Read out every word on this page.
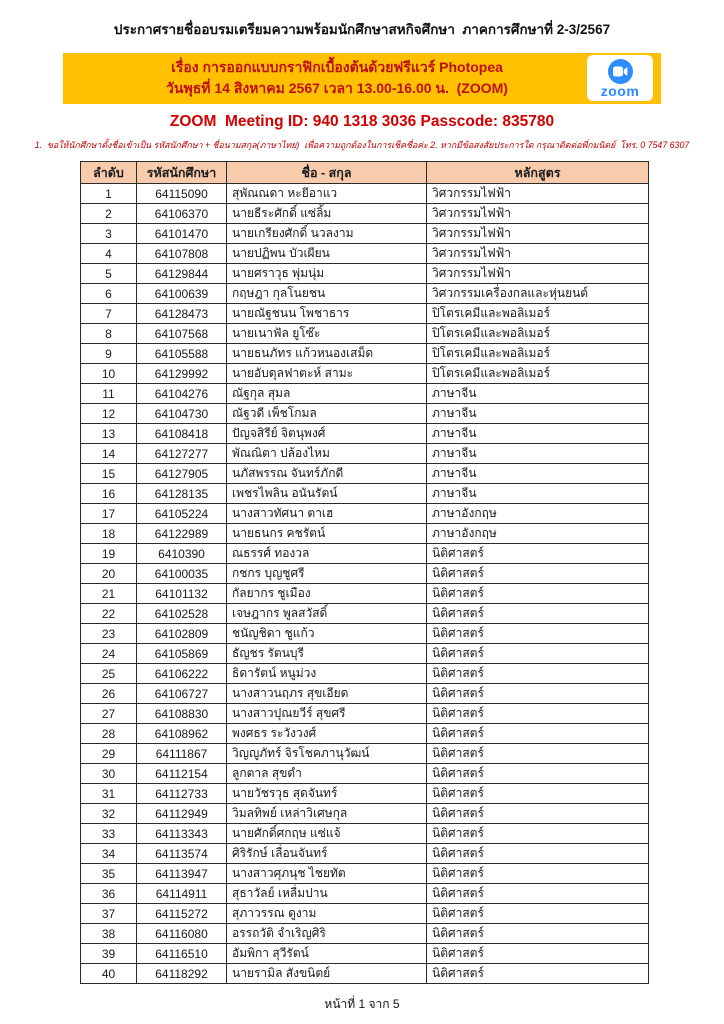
ประกาศรายชื่ออบรมเตรียมความพร้อมนักศึกษาสหกิจศึกษา  ภาคการศึกษาที่ 2-3/2567
เรื่อง การออกแบบกราฟิกเบื้องต้นด้วยฟรีแวร์ Photopea
วันพุธที่ 14 สิงหาคม 2567 เวลา 13.00-16.00 น.  (ZOOM)	zoom
ZOOM  Meeting ID: 940 1318 3036 Passcode: 835780
1.  ขอให้นักศึกษาตั้งชื่อเข้าเป็น รหัสนักศึกษา + ชื่อนามสกุล(ภาษาไทย)  เพื่อความถูกต้องในการเช็คชื่อค่ะ 2. หากมีข้อสงสัยประการใด กรุณาติดต่อพี่กมนิตย์  โทร. 0 7547 6307
ลำดับ	รหัสนักศึกษา	ชื่อ - สกุล	หลักสูตร
1	64115090	สุพัณณดา หะยีอาแว	วิศวกรรมไฟฟ้า
2	64106370	นายธีระศักดิ์ แซ่ลิ้ม	วิศวกรรมไฟฟ้า
3	64101470	นายเกรียงศักดิ์ นวลงาม	วิศวกรรมไฟฟ้า
4	64107808	นายปฏิพน บัวเผียน	วิศวกรรมไฟฟ้า
5	64129844	นายศราวุธ พุ่มนุ่ม	วิศวกรรมไฟฟ้า
6	64100639	กฤษฎา กุลโนยชน	วิศวกรรมเครื่องกลและหุ่นยนต์
7	64128473	นายณัฐชนน โพชาธาร	ปิโตรเคมีและพอลิเมอร์
8	64107568	นายเนาฟัล ยูโซ๊ะ	ปิโตรเคมีและพอลิเมอร์
9	64105588	นายธนภัทร แก้วหนองเสม็ด	ปิโตรเคมีและพอลิเมอร์
10	64129992	นายอับดุลฟาตะห์ สามะ	ปิโตรเคมีและพอลิเมอร์
11	64104276	ณัฐกุล สุมล	ภาษาจีน
12	64104730	ณัฐวดี เพ็ชโกมล	ภาษาจีน
13	64108418	ปัญจสิรีย์ จิตนุพงศ์	ภาษาจีน
14	64127277	พัณณิตา ปล้องไหม	ภาษาจีน
15	64127905	นภัสพรรณ จันทร์ภักดี	ภาษาจีน
16	64128135	เพชรไพลิน อนันรัตน์	ภาษาจีน
17	64105224	นางสาวทัศนา ตาเฮ	ภาษาอังกฤษ
18	64122989	นายธนกร คชรัตน์	ภาษาอังกฤษ
19	6410390	ณธรรศ์ ทองวล	นิติศาสตร์
20	64100035	กชกร บุญชูศรี	นิติศาสตร์
21	64101132	กัลยากร ชูเมือง	นิติศาสตร์
22	64102528	เจษฎากร พูลสวัสดิ์	นิติศาสตร์
23	64102809	ชนัญชิดา ชูแก้ว	นิติศาสตร์
24	64105869	ธัญชร รัตนบุรี	นิติศาสตร์
25	64106222	ธิดารัตน์ หนูม่วง	นิติศาสตร์
26	64106727	นางสาวนฤภร สุขเอียด	นิติศาสตร์
27	64108830	นางสาวปุณยวีร์ สุขศรี	นิติศาสตร์
28	64108962	พงศธร ระวังวงศ์	นิติศาสตร์
29	64111867	วิญญูภัทร์ จิรโชคภานุวัฒน์	นิติศาสตร์
30	64112154	ลูกตาล สุขดำ	นิติศาสตร์
31	64112733	นายวัชรวุธ สุดจันทร์	นิติศาสตร์
32	64112949	วิมลทิพย์ เหล่าวิเศษกุล	นิติศาสตร์
33	64113343	นายศักดิ์ศกฤษ แซ่แจ้	นิติศาสตร์
34	64113574	ศิริรักษ์ เลื่อนจันทร์	นิติศาสตร์
35	64113947	นางสาวศุภนุช ไชยทัต	นิติศาสตร์
36	64114911	สุธาวัลย์ เหลื่มปาน	นิติศาสตร์
37	64115272	สุภาวรรณ ดูงาม	นิติศาสตร์
38	64116080	อรรถวัติ จำเริญศิริ	นิติศาสตร์
39	64116510	อัมพิกา สุวีรัตน์	นิติศาสตร์
40	64118292	นายรามิล สังขนิตย์	นิติศาสตร์
หน้าที่ 1 จาก 5
